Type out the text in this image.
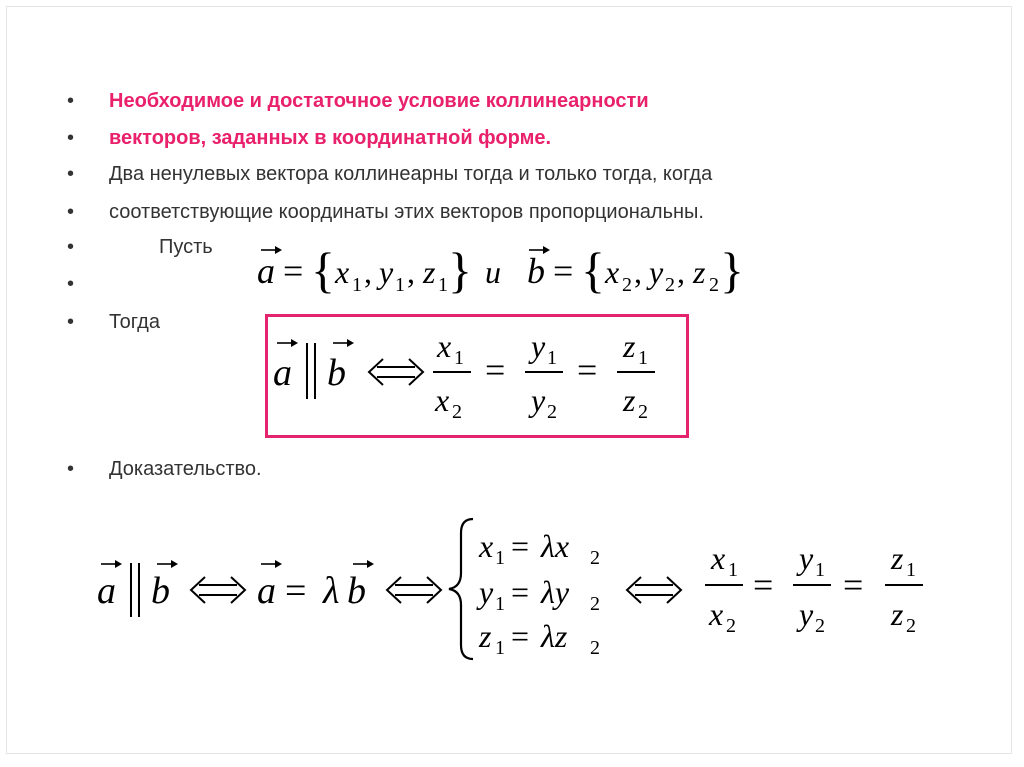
• Необходимое и достаточное условие коллинеарности
• векторов, заданных в координатной форме.
• Два ненулевых вектора коллинеарны тогда и только тогда, когда
• соответствующие координаты этих векторов пропорциональны.
•	Пусть
•
• Тогда
• Доказательство.
a = { x 1 , y 1 , z 1 } и b = { x 2 , y 2 , z 2 }
a b
x 1
x 2
=
y 1
y 2
=
z 1
z 2
a b a = λ b
x 1 = λx 2
y 1 = λy 2
z 1 = λz 2
x 1
x 2
=
y 1
y 2
=
z 1
z 2
